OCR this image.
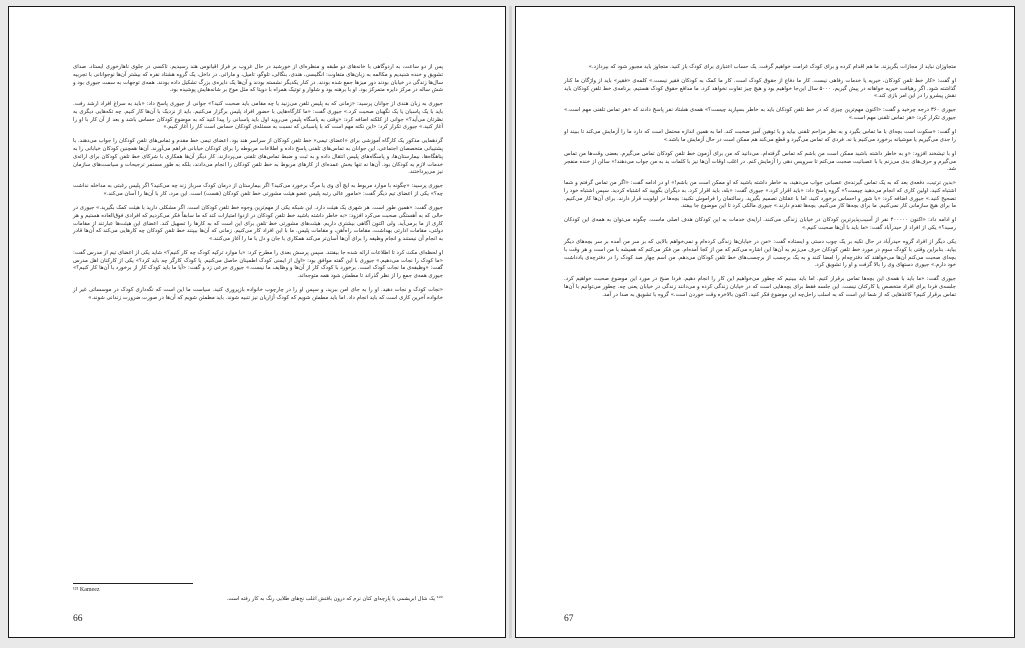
پس از دو ساعت، به اردوگاهی با خانه‌های دو طبقه و منظره‌ای از خورشید در حال غروب بر فراز اقیانوس هند رسیدیم. تاکسی در جلوی ناهارخوری ایستاد. صدای تشویق و خنده شنیدیم و مکالمه به زبان‌های متفاوت: انگلیسی، هندی، بنگالی، تلوگو، تامیل، و مارائی. در داخل، یک گروه هشتاد نفره که بیشتر آن‌ها نوجوانانی با تجربیه سال‌ها زندگی در خیابان بودند دور میزها جمع شده بودند. در کنار یکدیگر نشسته بودند و آن‌ها یک دایره‌ی بزرگ تشکیل داده بودند. همه‌ی توجهات به سمت جیوری بود و شش ساله در مرکز دایره متمرکز بود. او با برهنه بود و شلوار و توتیک همراه با دوپتا که مثل موج بر شانه‌هایش پوشیده بود.

جیوری به زبان هندی از جوانان پرسید: «زمانی که به پلیس تلفن می‌زنید با چه مقامی باید صحبت کنید؟» جوانی از جیوری پاسخ داد: «باید به سراغ افراد ارشد رفت. باید با یک پاسبان یا یک نگهبان صحبت کرد.» جیوری گفت: «ما کارگاه‌هایی با حضور افراد پلیس برگزار می‌کنیم. باید از نزدیک با آن‌ها کار کنیم. چه تکه‌هایی دیگری به نظرتان می‌آید؟» جوانی از کلکته اضافه کرد: «وقتی به پاسگاه پلیس می‌روید اول باید پاسبانی را پیدا کنید که به موضوع کودکان حساس باشد و بعد از آن کار با او را آغاز کنید.» جیوری تکرار کرد: «این نکته مهم است که با پاسبانی که نسبت به مسئله‌ی کودکان حساس است کار را آغاز کنیم.»

گردهمایی مذکور یک کارگاه آموزشی برای «اعضای تیمی» خط تلفن کودکان از سراسر هند بود. اعضای تیمی خط مقدم و تماس‌های تلفن کودکان را جواب می‌دهند. با پشتیبانی متخصصان اجتماعی، این جوانان به تماس‌های تلفنی پاسخ داده و اطلاعات مربوطه را برای کودکان خیابانی فراهم می‌آورند. آن‌ها همچنین کودکان خیابانی را به پناهگاه‌ها، بیمارستان‌ها، و پاسگاه‌های پلیس انتقال داده و به ثبت و ضبط تماس‌های تلفنی می‌پردازند. کار دیگر آن‌ها همکاری با شرکای خط تلفن کودکان برای ارائه‌ی خدمات لازم به کودکان بود. آن‌ها نه تنها بخش عمده‌ای از کارهای مربوط به خط تلفن کودکان را انجام می‌دادند، بلکه به طور مستمر ترجیحات و سیاست‌های سازمان نیز می‌پرداختند.

جیوری پرسید: «چگونه با موارد مربوط به ایچ آی وی یا مرگ برخورد می‌کنید؟ اگر بیمارستان از درمان کودک سرباز زند چه می‌کنید؟ اگر پلیس رغبتی به مداخله نداشت چه؟» یکی از اعضای تیم دیگر گفت: «مامور عالی رتبه پلیس عضو هیئت مشورتی خط تلفن کودکان (هست) است. این مرد، کار با آن‌ها را آسان می‌کند.»

جیوری گفت: «همین طور است. هر شهری یک هیئت دارد. این شبکه یکی از مهم‌ترین وجوه خط تلفن کودکان است. اگر مشکلی دارید با هیئت کمک بگیرید.» جیوری در حالی که به آهستگی صحبت می‌کرد افزود: «به خاطر داشته باشید خط تلفن کودکان در ازدوا امتیازات کند که ما سابقاً فکر می‌کردیم که افرادی فوق‌العاده هستیم و هر کاری از ما برمی‌آید. ولی اکنون آگاهی بیشتری داریم. هیئت‌های مشورتی خط تلفن برای این است که به کارها را تسهیل کند. اعضای این هیئت‌ها عبارتند از مقامات دولتی، مقامات ادارتی بهداشت، مقامات راه‌آهن، و مقامات پلیس. ما با این افراد کار می‌کنیم. زمانی که آن‌ها ببینند خط تلفن کودکان چه کارهایی می‌کند که آن‌ها قادر به انجام آن نیستند و انجام وظیفه را برای آن‌ها آسان‌تر می‌کند همکاری با جان و دل با ما را آغاز می‌کنند.»

او لحظه‌ای مکث کرد تا اطلاعات ارائه شده جا بیفتند. سپس پرسش بعدی را مطرح کرد: «با موارد ترکیه کودک چه کار کنیم؟» شاید یکی از اعضای تیم از مدرس گفت: «ما کودک را نجات می‌دهیم.» جیوری با این گفته موافق بود: «اول از ایمنی کودک اطمینان حاصل می‌کنیم. یا کودک کارگر چه باید کرد؟» یکی از کارکنان اهل مدرس گفت: «وظیفه‌ی ما نجات کودک است. برخورد با کودک کار از آن‌ها و وظایف ما نیست.» جیوری جرعی زد و گفت: «آیا ما باید کودک کار از برخورد با آن‌ها کار کنیم؟» جیوری همه‌ی جمع را از نظر گذراند تا مطمئن شود همه متوجه‌اند.

«نجات کودک و نجات دهید. او را به جای امن ببرید، و سپس او را در چارچوب خانواده بازپروری کنید. سیاست ما این است که نگه‌داری کودک در موسساتی غیر از خانواده آخرین کاری است که باید انجام داد. اما باید مطمئن شویم که کودک آزاریان نیز تنبیه شوند. باید مطمئن شویم که آن‌ها در صورت ضرورت زندانی شوند.»

¹²¹ Kameez
¹²² یک شال ابریشمی یا پارچه‌ای کتان نرم که درون بافتش اغلب نخ‌های طلایی رنگ به کار رفته است.
66

متجاوزان نباید از مجازات بگریزند. ما هم اقدام کرده و برای کودک غرامت خواهیم گرفت. یک حساب اعتباری برای کودک باز کنید. متجاوز باید مجبور شود که بپردازد.»

او گفت: «کار خط تلفن کودکان، خیریه یا خدمات رفاهی نیست. کار ما دفاع از حقوق کودک است. کار ما کمک به کودکان فقیر نیست.» کلمه‌ی «فقیر» باید از واژگان ما کنار گذاشته شود. اگر رهیافت خیریه خواهانه در پیش گیریم، ۵۰۰۰ سال این‌جا خواهیم بود و هیچ چیز تفاوت نخواهد کرد. ما مدافع حقوق کودک هستیم. برنامه‌ی خط تلفن کودکان باید نقش پیشرو را در این امر بازی کند.»

جیوری ۳۶۰ درجه چرخید و گفت: «اکنون مهم‌ترین چیزی که در خط تلفن کودکان باید به خاطر بسپارید چیست؟» همه‌ی هشتاد نفر پاسخ دادند که «هر تماس تلفنی مهم است.» جیوری تکرار کرد: «هر تماس تلفنی مهم است.»

او گفت: «سکوت است بچه‌ای با ما تماس بگیرد و به نظر مزاحم تلفنی بیاید و با توهین آمیز صحبت کند. اما به همین اندازه محتمل است که دارد ما را آزمایش می‌کند تا ببیند او را جدی می‌گیریم یا موشیانه برخورد می‌کنیم یا نه. فردی که تماس می‌گیرد و قطع می‌کند هم ممکن است در حال آزمایش ما باشد.»

او با تیشخند افزود: «و به خاطر داشته باشید ممکن است من باشم که تماس گرفته‌ام. می‌دانید که من برای آزمون خط تلفن کودکان تماس می‌گیرم. بعضی وقت‌ها من تماس می‌گیرم و حرف‌های بدی می‌زنم یا با عصبانیت صحبت می‌کنم تا سرویس دهی را آزمایش کنم. در اغلب اوقات آن‌ها نیز با کلمات بد به من جواب می‌دهند!» سالن از خنده منفجر شد.

«بدین ترتیب، دفعه‌ی بعد که به یک تماس گیرنده‌ی عصبانی جواب می‌دهید، به خاطر داشته باشید که او ممکن است من باشم!» او در ادامه گفت: «اگر من تماس گرفتم و شما اشتباه کنید، اولین کاری که انجام می‌دهید چیست؟» گروه پاسخ داد: «باید اقرار کرد.» جیوری گفت: «بله، باید اقرار کرد. به دیگران بگویید که اشتباه کردید. سپس اشتباه خود را تصحیح کنید.» جیوری اضافه کرد: «با شور و احساس برخورد کنید. اما با عقلتان تصمیم بگیرید. رسالتمان را فراموش نکنید: بچه‌ها در اولویت قرار دارند. برای آن‌ها کار می‌کنیم. ما برای هیچ سازمانی کار نمی‌کنیم. ما برای بچه‌ها کار می‌کنیم. بچه‌ها تقدم دارند.» جیوری مالکی کرد تا این موضوع جا بیفتد.

او ادامه داد: «اکنون ۴۰۰۰۰۰ نفر از آسیب‌پذیرترین کودکان در خیابان زندگی می‌کنند. ارایه‌ی خدمات به این کودکان هدف اصلی ماست. چگونه می‌توان به همه‌ی این کودکان رسید؟» یکی از افراد از حیدرآباد گفت: «ما باید با آن‌ها صحبت کنیم.»

یکی دیگر از افراد گروه حیدرآباد در حال تکیه بر یک چوب دستی و ایستاده گفت: «من در خیابان‌ها زندگی کرده‌ام و نمی‌خواهم بالایی که بر سر من آمده بر سر بچه‌های دیگر بیاید. بنابراین وقتی با کودک سوم در مورد خط تلفن کودکان حرف می‌زنم به آن‌ها این اشاره می‌کنم که من از کجا آمده‌ام. من فکر می‌کنم که همیشه با من است و هر وقت با بچه‌ای صحبت می‌کنم آن‌ها می‌خواهند که دفترچه‌ام را امضا کنند و به یک برچسب از برچسب‌های خط تلفن کودکان می‌دهم. من اسم چهار صد کودک را در دفترچه‌ی یادداشت خود دارم.» جیوری دستهای وی را بالا گرفت و او را تشویق کرد.

جیوری گفت: «ما باید با همه‌ی این بچه‌ها تماس برقرار کنیم. اما باید ببینیم که چطور می‌خواهیم این کار را انجام دهیم. فردا صبح در مورد این موضوع صحبت خواهیم کرد. جلسه‌ی فردا برای افراد متخصص یا کارکنان نیست. این جلسه فقط برای بچه‌هایی است که در خیابان زندگی کرده و می‌دانند زندگی در خیابان یعنی چه. چطور می‌توانیم با آن‌ها تماس برقرار کنیم؟ کاغذهایی که از شما این است که به اسلب راحل‌چه این موضوع فکر کنید. اکنون بالاخره وقت خوردن است.» گروه با تشویق به صدا در آمد.

67
